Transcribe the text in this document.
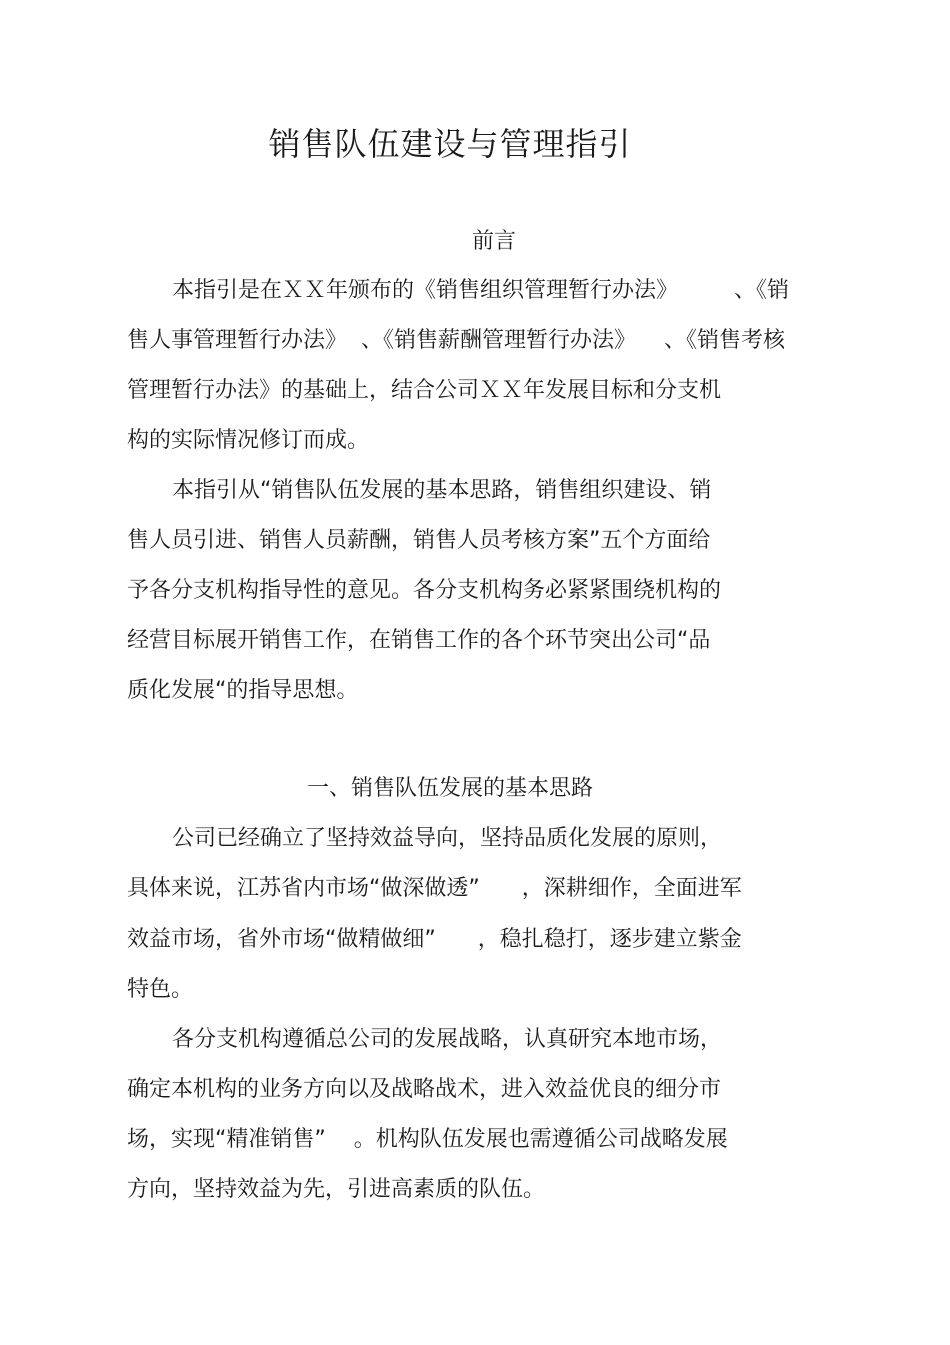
销售队伍建设与管理指引
前言

本指引是在ＸＸ年颁布的《销售组织管理暂行办法》        、《销

售人事管理暂行办法》  、《销售薪酬管理暂行办法》    、《销售考核

管理暂行办法》的基础上，结合公司ＸＸ年发展目标和分支机

构的实际情况修订而成。

本指引从“销售队伍发展的基本思路，销售组织建设、销

售人员引进、销售人员薪酬，销售人员考核方案”五个方面给

予各分支机构指导性的意见。各分支机构务必紧紧围绕机构的

经营目标展开销售工作，在销售工作的各个环节突出公司“品

质化发展“的指导思想。

一、销售队伍发展的基本思路

公司已经确立了坚持效益导向，坚持品质化发展的原则，

具体来说，江苏省内市场“做深做透”      ，深耕细作，全面进军

效益市场，省外市场“做精做细”      ，稳扎稳打，逐步建立紫金

特色。

各分支机构遵循总公司的发展战略，认真研究本地市场，

确定本机构的业务方向以及战略战术，进入效益优良的细分市

场，实现“精准销售”    。机构队伍发展也需遵循公司战略发展

方向，坚持效益为先，引进高素质的队伍。
